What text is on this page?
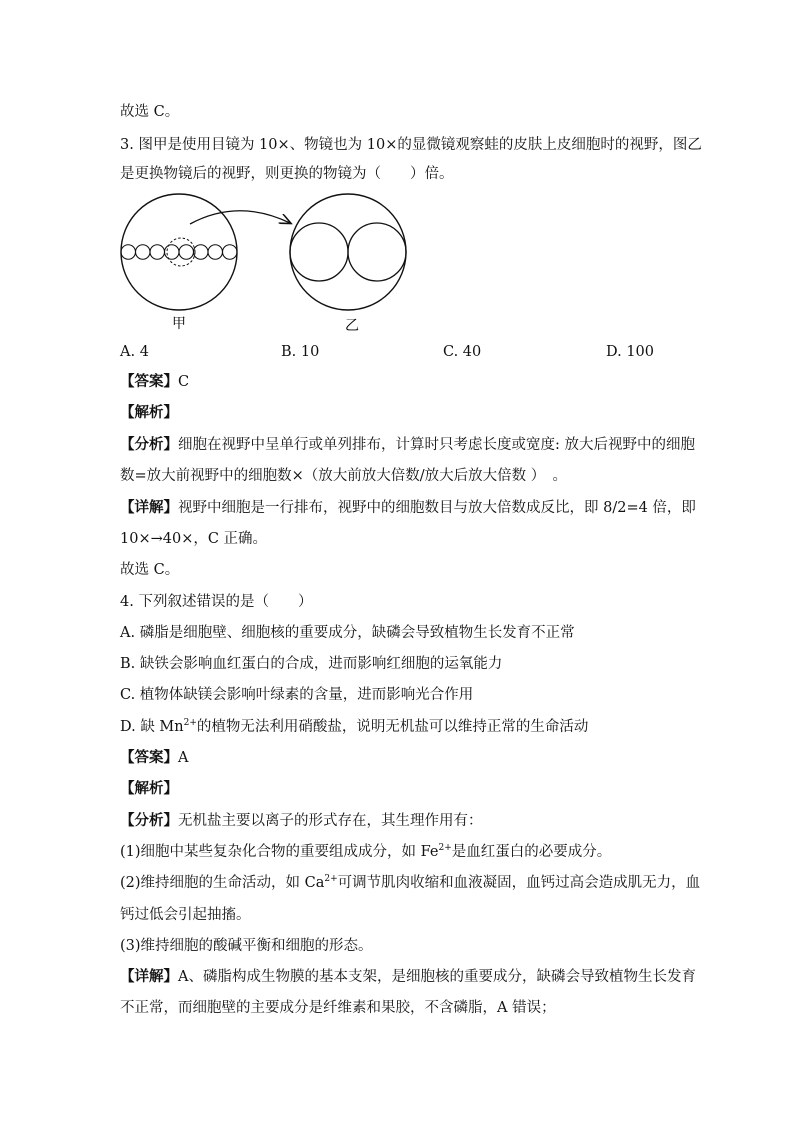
故选 C。
3. 图甲是使用目镜为 10×、物镜也为 10×的显微镜观察蛙的皮肤上皮细胞时的视野，图乙
是更换物镜后的视野，则更换的物镜为（　　）倍。
甲	乙
A. 4	B. 10	C. 40	D. 100
【答案】C
【解析】
【分析】细胞在视野中呈单行或单列排布，计算时只考虑长度或宽度: 放大后视野中的细胞
数=放大前视野中的细胞数×（放大前放大倍数/放大后放大倍数 ）　。
【详解】视野中细胞是一行排布，视野中的细胞数目与放大倍数成反比，即 8/2=4 倍，即
10×→40×，C 正确。
故选 C。
4. 下列叙述错误的是（　　）
A. 磷脂是细胞壁、细胞核的重要成分，缺磷会导致植物生长发育不正常
B. 缺铁会影响血红蛋白的合成，进而影响红细胞的运氧能力
C. 植物体缺镁会影响叶绿素的含量，进而影响光合作用
D. 缺 $Mn^{2+}$的植物无法利用硝酸盐，说明无机盐可以维持正常的生命活动
【答案】A
【解析】
【分析】无机盐主要以离子的形式存在，其生理作用有：
(1)细胞中某些复杂化合物的重要组成成分，如 $Fe^{2+}$是血红蛋白的必要成分。
(2)维持细胞的生命活动，如 $Ca^{2+}$可调节肌肉收缩和血液凝固，血钙过高会造成肌无力，血
钙过低会引起抽搐。
(3)维持细胞的酸碱平衡和细胞的形态。
【详解】A、磷脂构成生物膜的基本支架，是细胞核的重要成分，缺磷会导致植物生长发育
不正常，而细胞壁的主要成分是纤维素和果胶，不含磷脂，A 错误；
